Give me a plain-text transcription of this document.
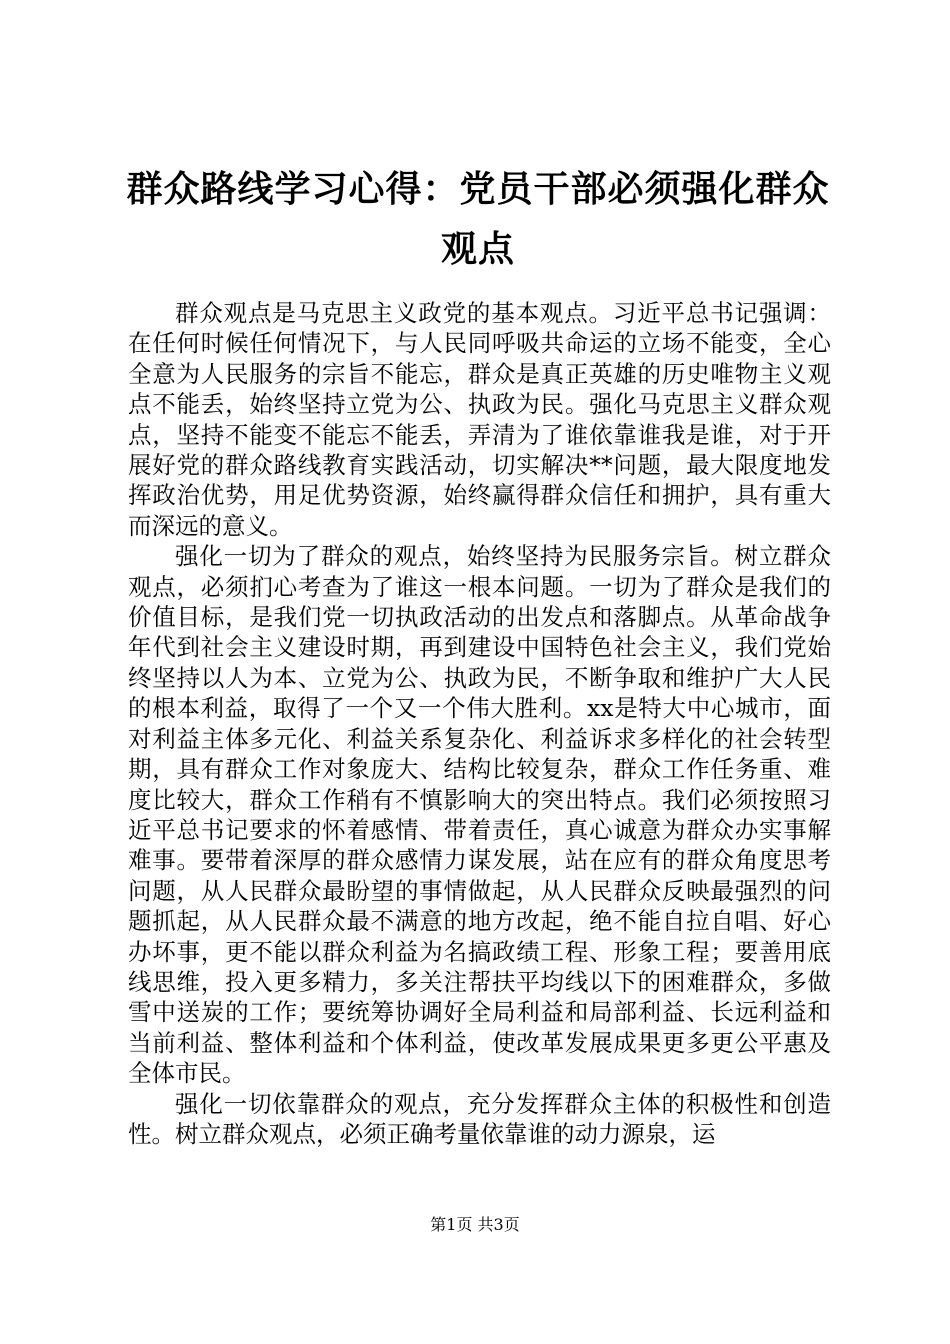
群众路线学习心得：党员干部必须强化群众观点

群众观点是马克思主义政党的基本观点。习近平总书记强调：在任何时候任何情况下，与人民同呼吸共命运的立场不能变，全心全意为人民服务的宗旨不能忘，群众是真正英雄的历史唯物主义观点不能丢，始终坚持立党为公、执政为民。强化马克思主义群众观点，坚持不能变不能忘不能丢，弄清为了谁依靠谁我是谁，对于开展好党的群众路线教育实践活动，切实解决**问题，最大限度地发挥政治优势，用足优势资源，始终赢得群众信任和拥护，具有重大而深远的意义。

强化一切为了群众的观点，始终坚持为民服务宗旨。树立群众观点，必须扪心考查为了谁这一根本问题。一切为了群众是我们的价值目标，是我们党一切执政活动的出发点和落脚点。从革命战争年代到社会主义建设时期，再到建设中国特色社会主义，我们党始终坚持以人为本、立党为公、执政为民，不断争取和维护广大人民的根本利益，取得了一个又一个伟大胜利。xx是特大中心城市，面对利益主体多元化、利益关系复杂化、利益诉求多样化的社会转型期，具有群众工作对象庞大、结构比较复杂，群众工作任务重、难度比较大，群众工作稍有不慎影响大的突出特点。我们必须按照习近平总书记要求的怀着感情、带着责任，真心诚意为群众办实事解难事。要带着深厚的群众感情力谋发展，站在应有的群众角度思考问题，从人民群众最盼望的事情做起，从人民群众反映最强烈的问题抓起，从人民群众最不满意的地方改起，绝不能自拉自唱、好心办坏事，更不能以群众利益为名搞政绩工程、形象工程；要善用底线思维，投入更多精力，多关注帮扶平均线以下的困难群众，多做雪中送炭的工作；要统筹协调好全局利益和局部利益、长远利益和当前利益、整体利益和个体利益，使改革发展成果更多更公平惠及全体市民。

强化一切依靠群众的观点，充分发挥群众主体的积极性和创造性。树立群众观点，必须正确考量依靠谁的动力源泉，运

第1页 共3页
